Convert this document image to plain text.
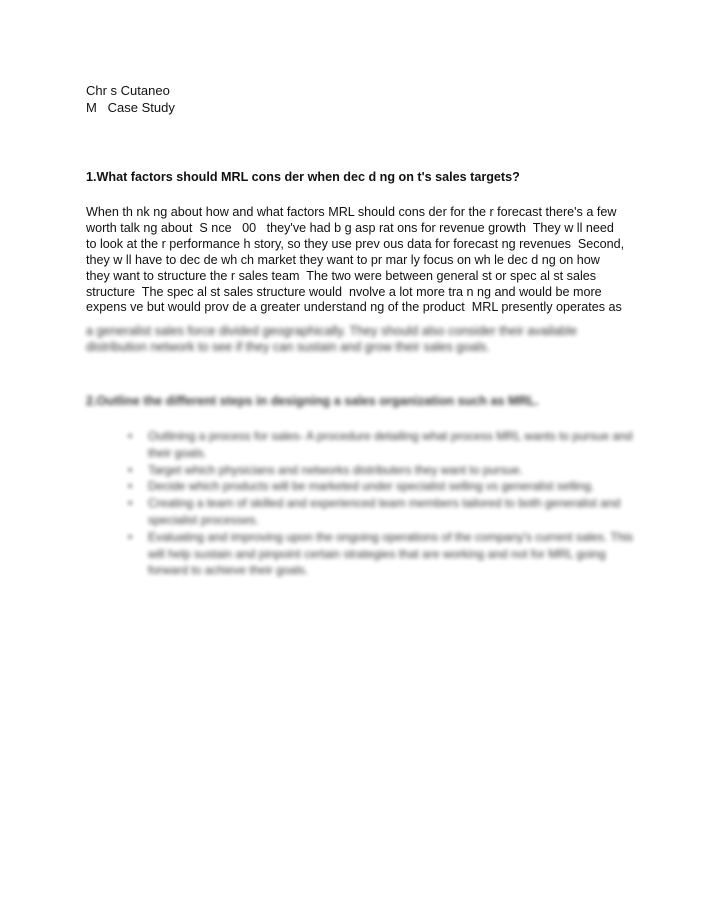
Chr s Cutaneo
M   Case Study
1.What factors should MRL cons der when dec d ng on t's sales targets?
When th nk ng about how and what factors MRL should cons der for the r forecast there's a few
worth talk ng about  S nce   00   they've had b g asp rat ons for revenue growth  They w ll need
to look at the r performance h story, so they use prev ous data for forecast ng revenues  Second,
they w ll have to dec de wh ch market they want to pr mar ly focus on wh le dec d ng on how
they want to structure the r sales team  The two were between general st or spec al st sales
structure  The spec al st sales structure would  nvolve a lot more tra n ng and would be more
expens ve but would prov de a greater understand ng of the product  MRL presently operates as
a generalist sales force divided geographically. They should also consider their available
distribution network to see if they can sustain and grow their sales goals.
2.Outline the different steps in designing a sales organization such as MRL.
• Outlining a process for sales- A procedure detailing what process MRL wants to pursue and their goals.
• Target which physicians and networks distributers they want to pursue.
• Decide which products will be marketed under specialist selling vs generalist selling.
• Creating a team of skilled and experienced team members tailored to both generalist and specialist processes.
• Evaluating and improving upon the ongoing operations of the company's current sales. This will help sustain and pinpoint certain strategies that are working and not for MRL going forward to achieve their goals.
